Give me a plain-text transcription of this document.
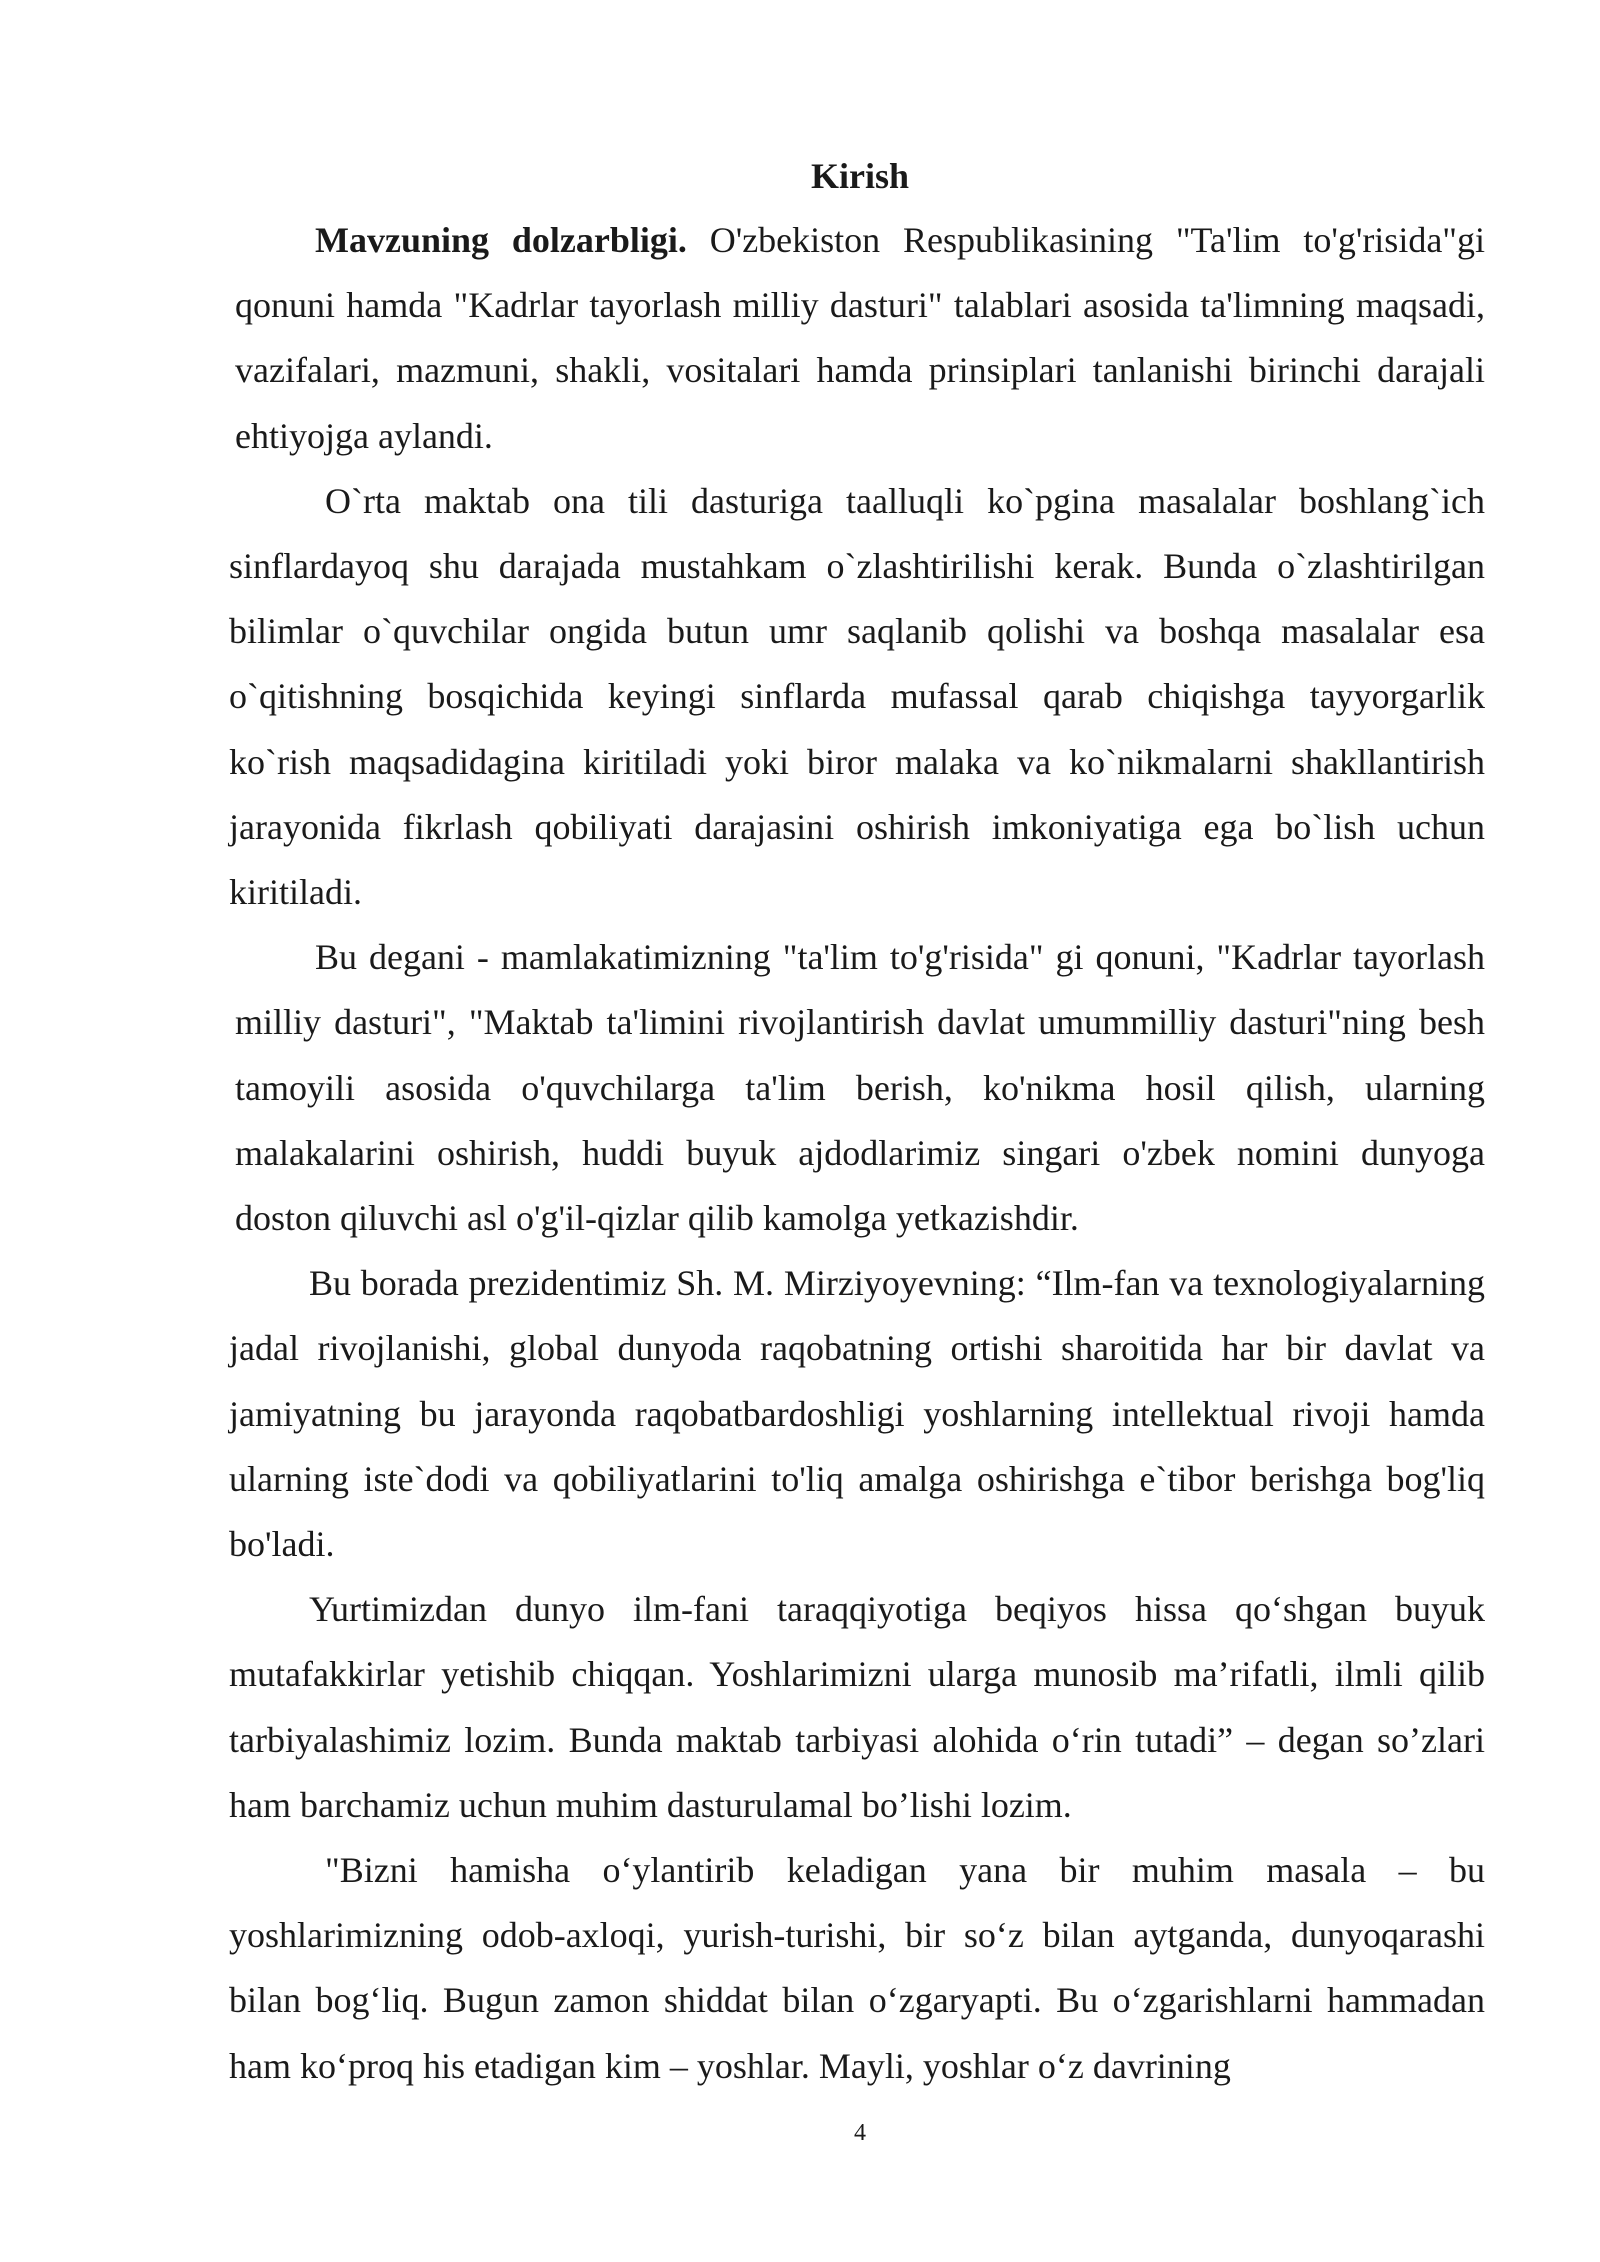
Kirish

Mavzuning dolzarbligi. O'zbekiston Respublikasining "Ta'lim to'g'risida"gi qonuni hamda "Kadrlar tayorlash milliy dasturi" talablari asosida ta'limning maqsadi, vazifalari, mazmuni, shakli, vositalari hamda prinsiplari tanlanishi birinchi darajali ehtiyojga aylandi.

O`rta maktab ona tili dasturiga taalluqli ko`pgina masalalar boshlang`ich sinflardayoq shu darajada mustahkam o`zlashtirilishi kerak. Bunda o`zlashtirilgan bilimlar o`quvchilar ongida butun umr saqlanib qolishi va boshqa masalalar esa o`qitishning bosqichida keyingi sinflarda mufassal qarab chiqishga tayyorgarlik ko`rish maqsadidagina kiritiladi yoki biror malaka va ko`nikmalarni shakllantirish jarayonida fikrlash qobiliyati darajasini oshirish imkoniyatiga ega bo`lish uchun kiritiladi.

Bu degani - mamlakatimizning "ta'lim to'g'risida" gi qonuni, "Kadrlar tayorlash milliy dasturi", "Maktab ta'limini rivojlantirish davlat umummilliy dasturi"ning besh tamoyili asosida o'quvchilarga ta'lim berish, ko'nikma hosil qilish, ularning malakalarini oshirish, huddi buyuk ajdodlarimiz singari o'zbek nomini dunyoga doston qiluvchi asl o'g'il-qizlar qilib kamolga yetkazishdir.

Bu borada prezidentimiz Sh. M. Mirziyoyevning: “Ilm-fan va texnologiyalarning jadal rivojlanishi, global dunyoda raqobatning ortishi sharoitida har bir davlat va jamiyatning bu jarayonda raqobatbardoshligi yoshlarning intellektual rivoji hamda ularning iste`dodi va qobiliyatlarini to'liq amalga oshirishga e`tibor berishga bog'liq bo'ladi.

Yurtimizdan dunyo ilm-fani taraqqiyotiga beqiyos hissa qo‘shgan buyuk mutafakkirlar yetishib chiqqan. Yoshlarimizni ularga munosib ma’rifatli, ilmli qilib tarbiyalashimiz lozim. Bunda maktab tarbiyasi alohida o‘rin tutadi” – degan so’zlari ham barchamiz uchun muhim dasturulamal bo’lishi lozim.

"Bizni hamisha o‘ylantirib keladigan yana bir muhim masala – bu yoshlarimizning odob-axloqi, yurish-turishi, bir so‘z bilan aytganda, dunyoqarashi bilan bog‘liq. Bugun zamon shiddat bilan o‘zgaryapti. Bu o‘zgarishlarni hammadan ham ko‘proq his etadigan kim – yoshlar. Mayli, yoshlar o‘z davrining

4
